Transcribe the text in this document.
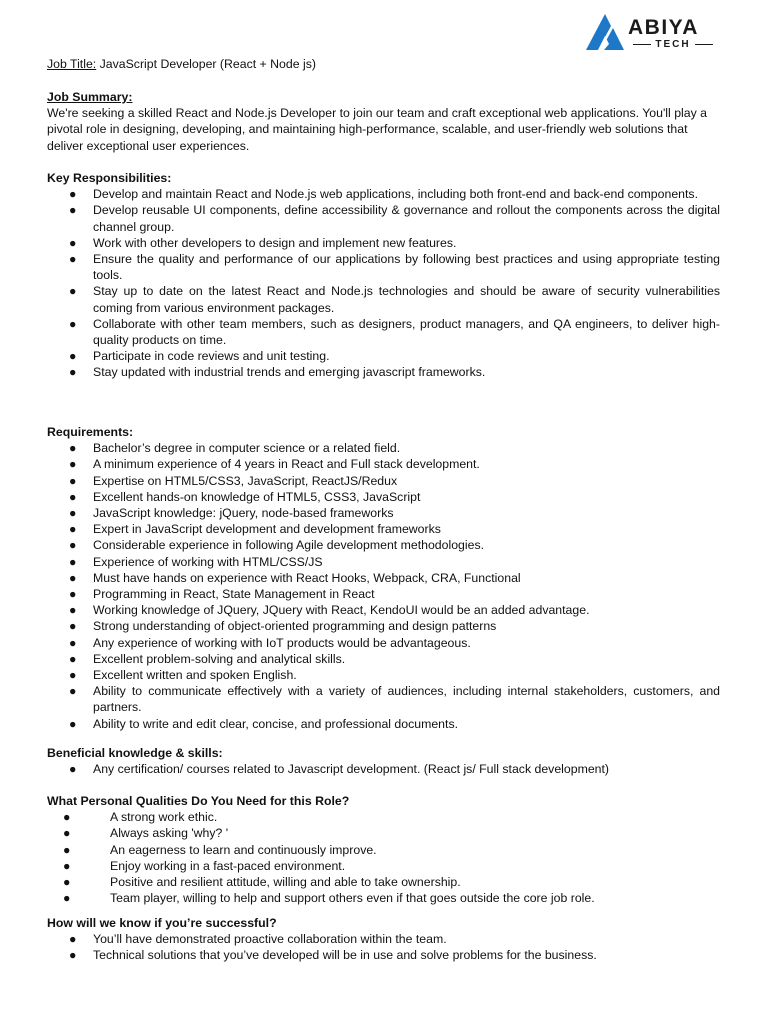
ABIYA
TECH
Job Title: JavaScript Developer (React + Node js)

Job Summary:

We're seeking a skilled React and Node.js Developer to join our team and craft exceptional web applications. You'll play a pivotal role in designing, developing, and maintaining high-performance, scalable, and user-friendly web solutions that deliver exceptional user experiences.

Key Responsibilities:

● Develop and maintain React and Node.js web applications, including both front-end and back-end components.
● Develop reusable UI components, define accessibility & governance and rollout the components across the digital channel group.
● Work with other developers to design and implement new features.
● Ensure the quality and performance of our applications by following best practices and using appropriate testing tools.
● Stay up to date on the latest React and Node.js technologies and should be aware of security vulnerabilities coming from various environment packages.
● Collaborate with other team members, such as designers, product managers, and QA engineers, to deliver high-quality products on time.
● Participate in code reviews and unit testing.
● Stay updated with industrial trends and emerging javascript frameworks.

Requirements:

● Bachelor’s degree in computer science or a related field.
● A minimum experience of 4 years in React and Full stack development.
● Expertise on HTML5/CSS3, JavaScript, ReactJS/Redux
● Excellent hands-on knowledge of HTML5, CSS3, JavaScript
● JavaScript knowledge: jQuery, node-based frameworks
● Expert in JavaScript development and development frameworks
● Considerable experience in following Agile development methodologies.
● Experience of working with HTML/CSS/JS
● Must have hands on experience with React Hooks, Webpack, CRA, Functional
● Programming in React, State Management in React
● Working knowledge of JQuery, JQuery with React, KendoUI would be an added advantage.
● Strong understanding of object-oriented programming and design patterns
● Any experience of working with IoT products would be advantageous.
● Excellent problem-solving and analytical skills.
● Excellent written and spoken English.
● Ability to communicate effectively with a variety of audiences, including internal stakeholders, customers, and partners.
● Ability to write and edit clear, concise, and professional documents.

Beneficial knowledge & skills:

● Any certification/ courses related to Javascript development. (React js/ Full stack development)

What Personal Qualities Do You Need for this Role?

●	A strong work ethic.
●	Always asking 'why? '
●	An eagerness to learn and continuously improve.
●	Enjoy working in a fast-paced environment.
●	Positive and resilient attitude, willing and able to take ownership.
●	Team player, willing to help and support others even if that goes outside the core job role.

How will we know if you’re successful?

● You’ll have demonstrated proactive collaboration within the team.
● Technical solutions that you’ve developed will be in use and solve problems for the business.
